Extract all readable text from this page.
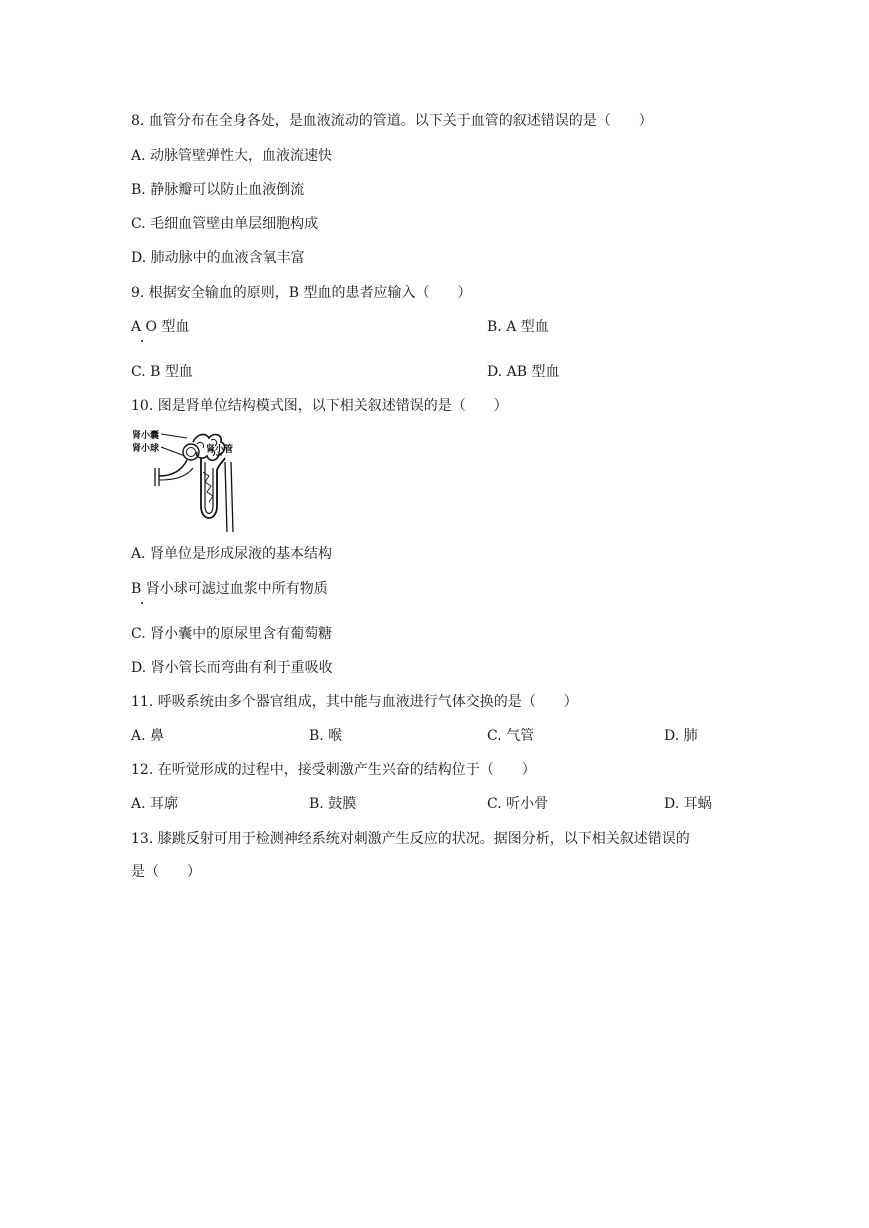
8. 血管分布在全身各处，是血液流动的管道。以下关于血管的叙述错误的是（　　）
A. 动脉管壁弹性大，血液流速快
B. 静脉瓣可以防止血液倒流
C. 毛细血管壁由单层细胞构成
D. 肺动脉中的血液含氧丰富
9. 根据安全输血的原则，B 型血的患者应输入（　　）
A O 型血	B. A 型血
C. B 型血	D. AB 型血
10. 图是肾单位结构模式图，以下相关叙述错误的是（　　）
肾小囊
肾小球	肾小管
A. 肾单位是形成尿液的基本结构
B 肾小球可滤过血浆中所有物质
C. 肾小囊中的原尿里含有葡萄糖
D. 肾小管长而弯曲有利于重吸收
11. 呼吸系统由多个器官组成，其中能与血液进行气体交换的是（　　）
A. 鼻	B. 喉	C. 气管	D. 肺
12. 在听觉形成的过程中，接受刺激产生兴奋的结构位于（　　）
A. 耳廓	B. 鼓膜	C. 听小骨	D. 耳蜗
13. 膝跳反射可用于检测神经系统对刺激产生反应的状况。据图分析，以下相关叙述错误的
是（　　）
